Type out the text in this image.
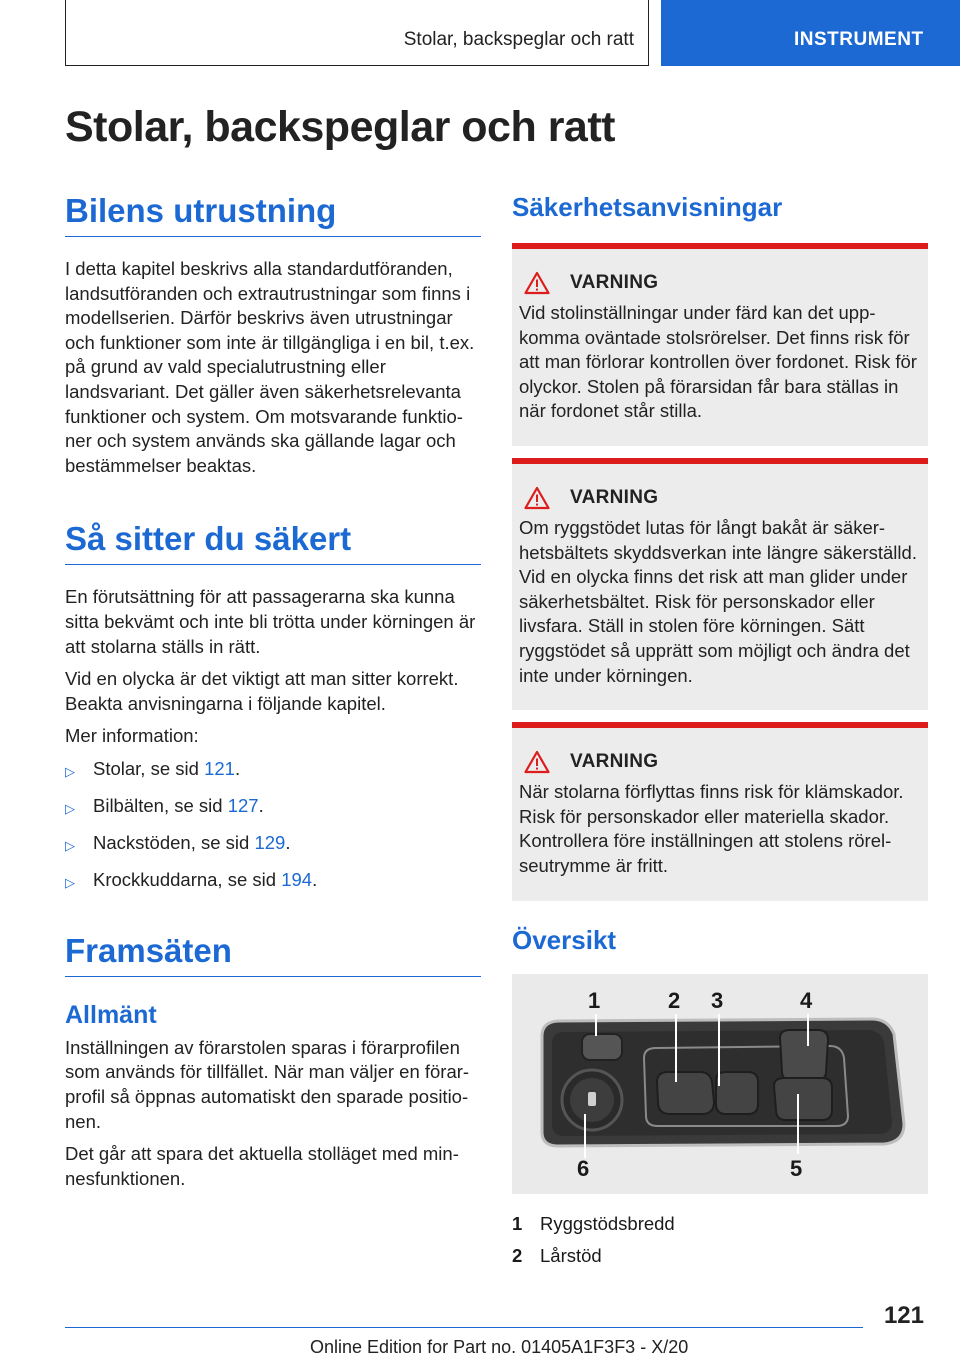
Stolar, backspeglar och ratt	INSTRUMENT
Stolar, backspeglar och ratt
Bilens utrustning

I detta kapitel beskrivs alla standardutföranden, landsutföranden och extrautrustningar som finns i modellserien. Därför beskrivs även utrustningar och funktioner som inte är tillgängliga i en bil, t.ex. på grund av vald specialutrustning eller landsvariant. Det gäller även säkerhetsrelevanta funktioner och system. Om motsvarande funktioner och system används ska gällande lagar och bestämmelser beaktas.

Så sitter du säkert

En förutsättning för att passagerarna ska kunna sitta bekvämt och inte bli trötta under körningen är att stolarna ställs in rätt.

Vid en olycka är det viktigt att man sitter korrekt. Beakta anvisningarna i följande kapitel.

Mer information:

▷ Stolar, se sid 121.
▷ Bilbälten, se sid 127.
▷ Nackstöden, se sid 129.
▷ Krockkuddarna, se sid 194.
Framsäten
Allmänt

Inställningen av förarstolen sparas i förarprofilen som används för tillfället. När man väljer en förarprofil så öppnas automatiskt den sparade positionen.

Det går att spara det aktuella stolläget med minnesfunktionen.

Säkerhetsanvisningar
VARNING

Vid stolinställningar under färd kan det uppkomma oväntade stolsrörelser. Det finns risk för att man förlorar kontrollen över fordonet. Risk för olyckor. Stolen på förarsidan får bara ställas in när fordonet står stilla.

VARNING

Om ryggstödet lutas för långt bakåt är säkerhetsbältets skyddsverkan inte längre säkerställd. Vid en olycka finns det risk att man glider under säkerhetsbältet. Risk för personskador eller livsfara. Ställ in stolen före körningen. Sätt ryggstödet så upprätt som möjligt och ändra det inte under körningen.

VARNING

När stolarna förflyttas finns risk för klämskador. Risk för personskador eller materiella skador. Kontrollera före inställningen att stolens rörelseutrymme är fritt.

Översikt
1	2 3	4
5
6
1 Ryggstödsbredd
2 Lårstöd
121
Online Edition for Part no. 01405A1F3F3 - X/20
